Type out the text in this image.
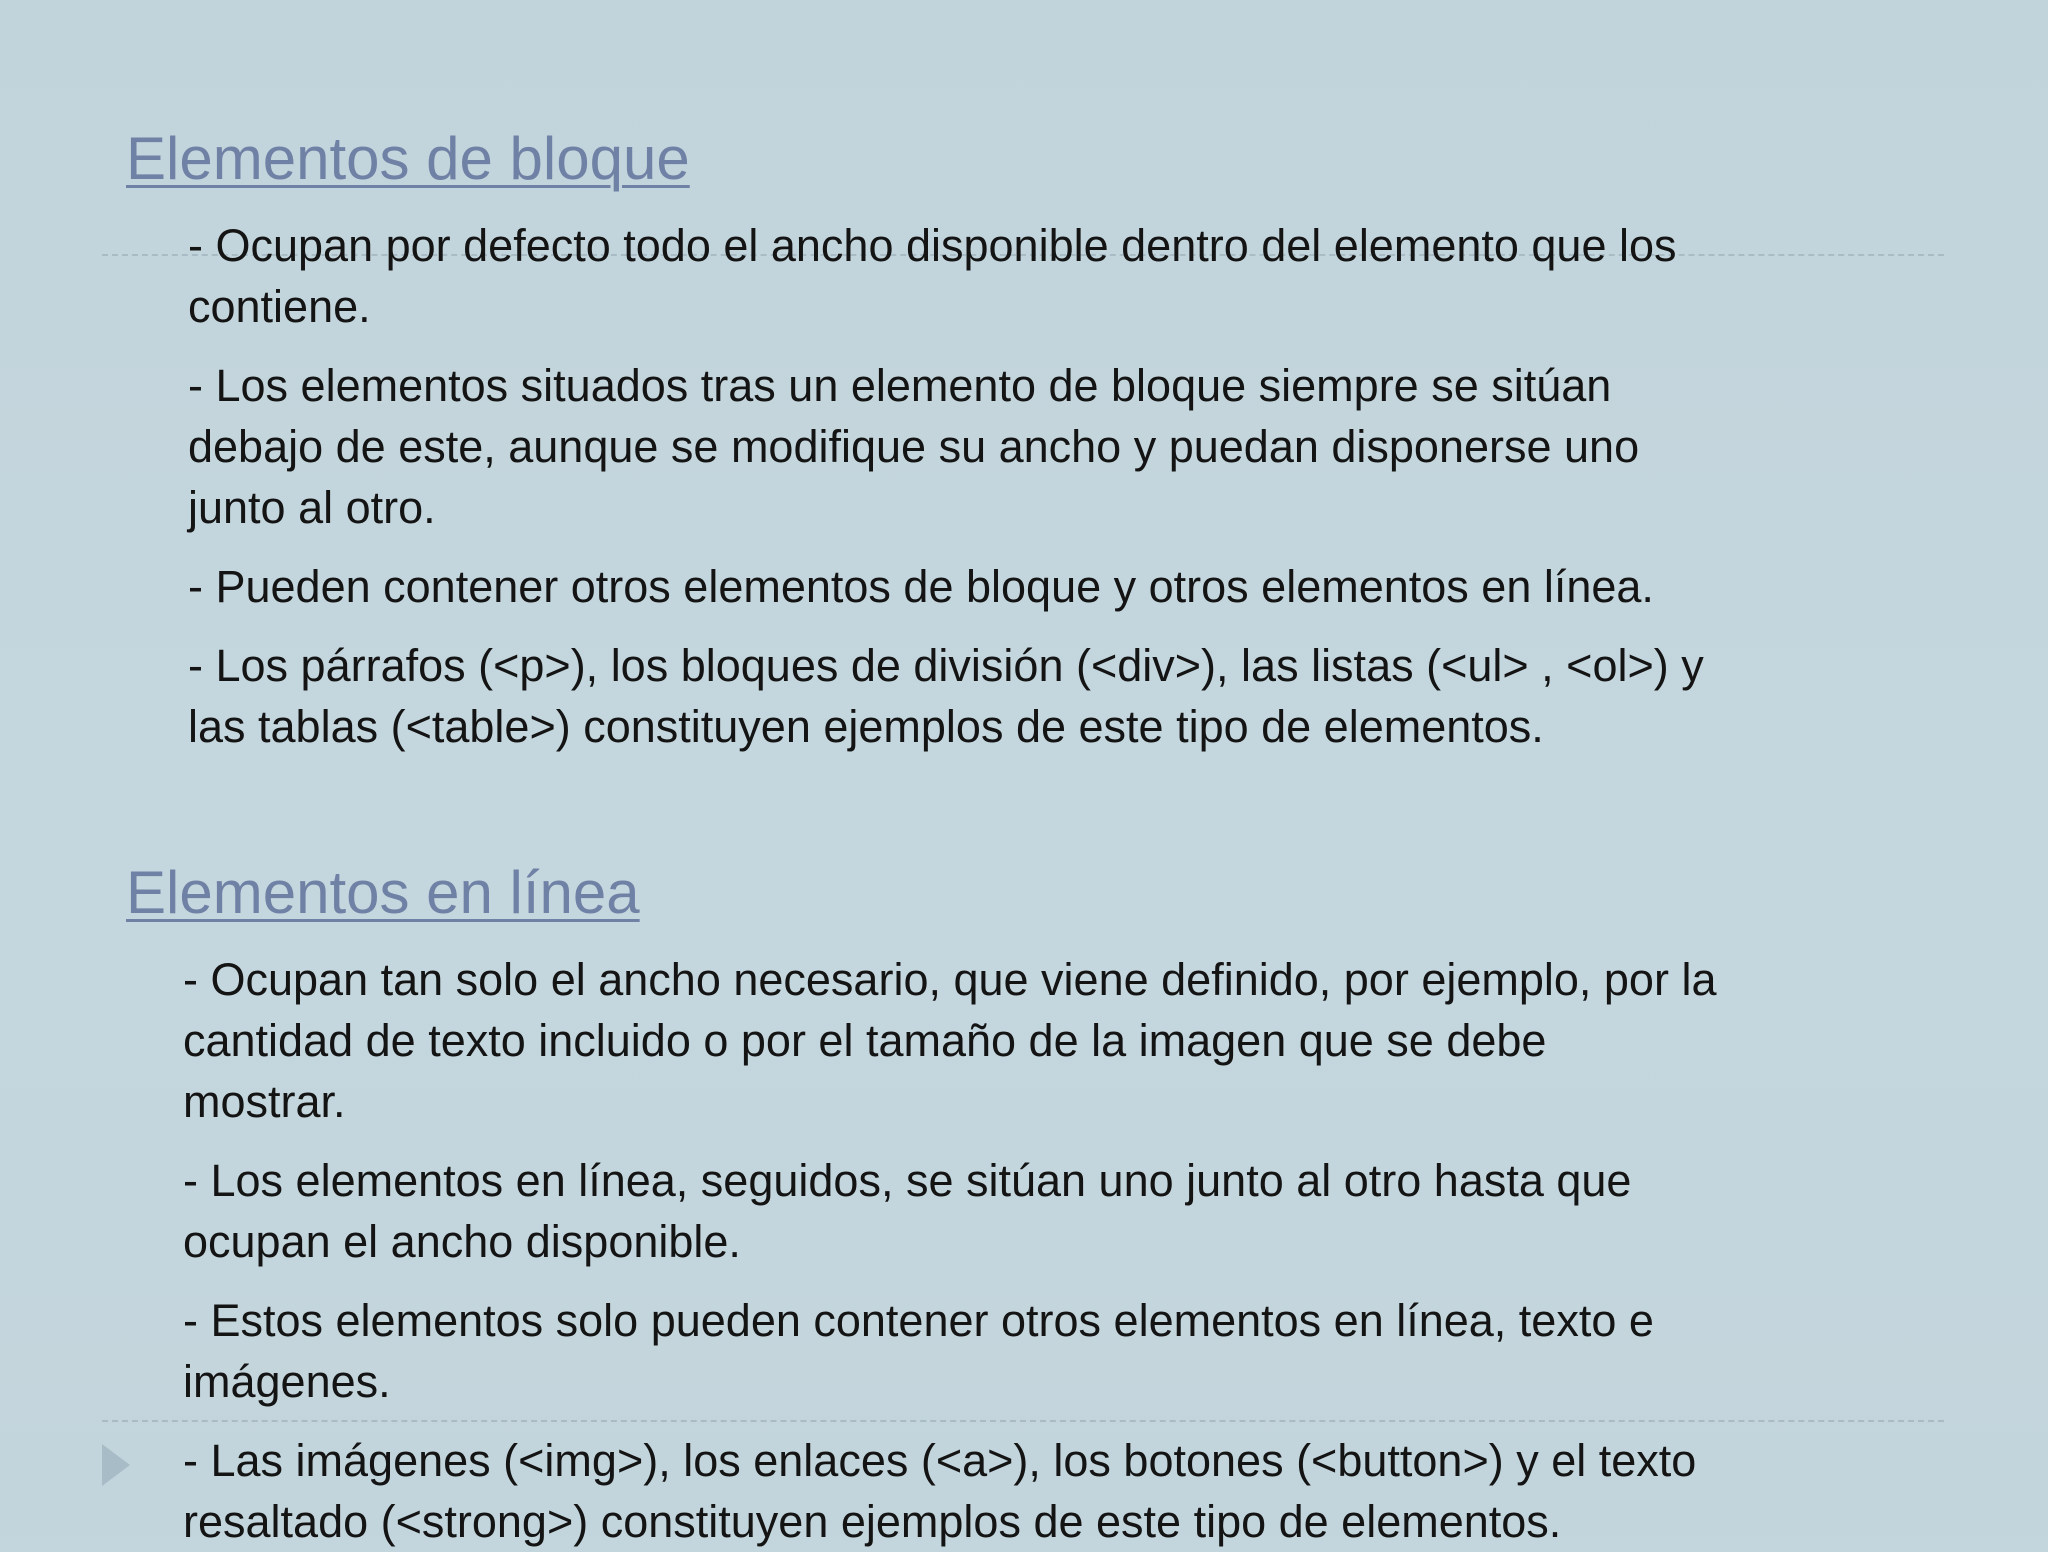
Elementos de bloque

- Ocupan por defecto todo el ancho disponible dentro del elemento que los
contiene.

- Los elementos situados tras un elemento de bloque siempre se sitúan
debajo de este, aunque se modifique su ancho y puedan disponerse uno
junto al otro.

- Pueden contener otros elementos de bloque y otros elementos en línea.

- Los párrafos (<p>), los bloques de división (<div>), las listas (<ul> , <ol>) y
las tablas (<table>) constituyen ejemplos de este tipo de elementos.

Elementos en línea

- Ocupan tan solo el ancho necesario, que viene definido, por ejemplo, por la
cantidad de texto incluido o por el tamaño de la imagen que se debe
mostrar.

- Los elementos en línea, seguidos, se sitúan uno junto al otro hasta que
ocupan el ancho disponible.

- Estos elementos solo pueden contener otros elementos en línea, texto e
imágenes.

- Las imágenes (<img>), los enlaces (<a>), los botones (<button>) y el texto
resaltado (<strong>) constituyen ejemplos de este tipo de elementos.
